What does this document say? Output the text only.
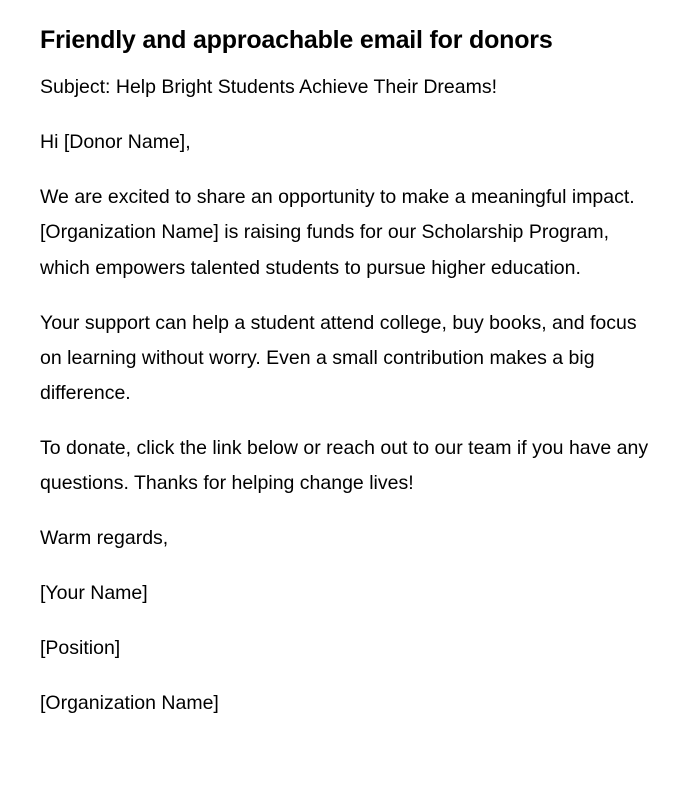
Friendly and approachable email for donors

Subject: Help Bright Students Achieve Their Dreams!

Hi [Donor Name],

We are excited to share an opportunity to make a meaningful impact. [Organization Name] is raising funds for our Scholarship Program, which empowers talented students to pursue higher education.

Your support can help a student attend college, buy books, and focus on learning without worry. Even a small contribution makes a big difference.

To donate, click the link below or reach out to our team if you have any questions. Thanks for helping change lives!

Warm regards,

[Your Name]

[Position]

[Organization Name]
